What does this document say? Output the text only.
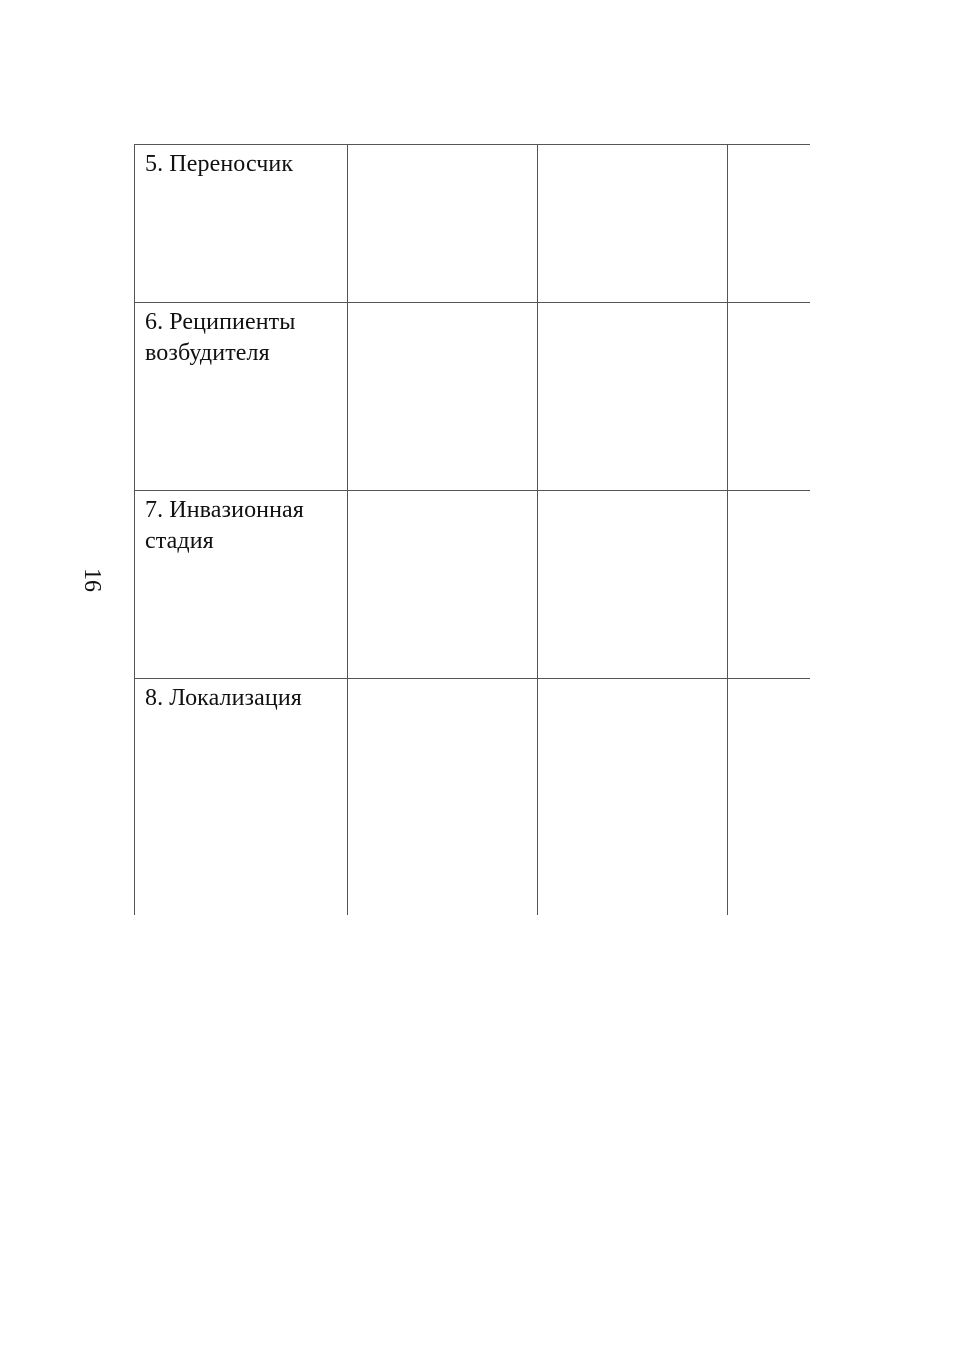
16
5. Переносчик			
6. Реципиенты возбудителя			
7. Инвазионная стадия			
8. Локализация			
